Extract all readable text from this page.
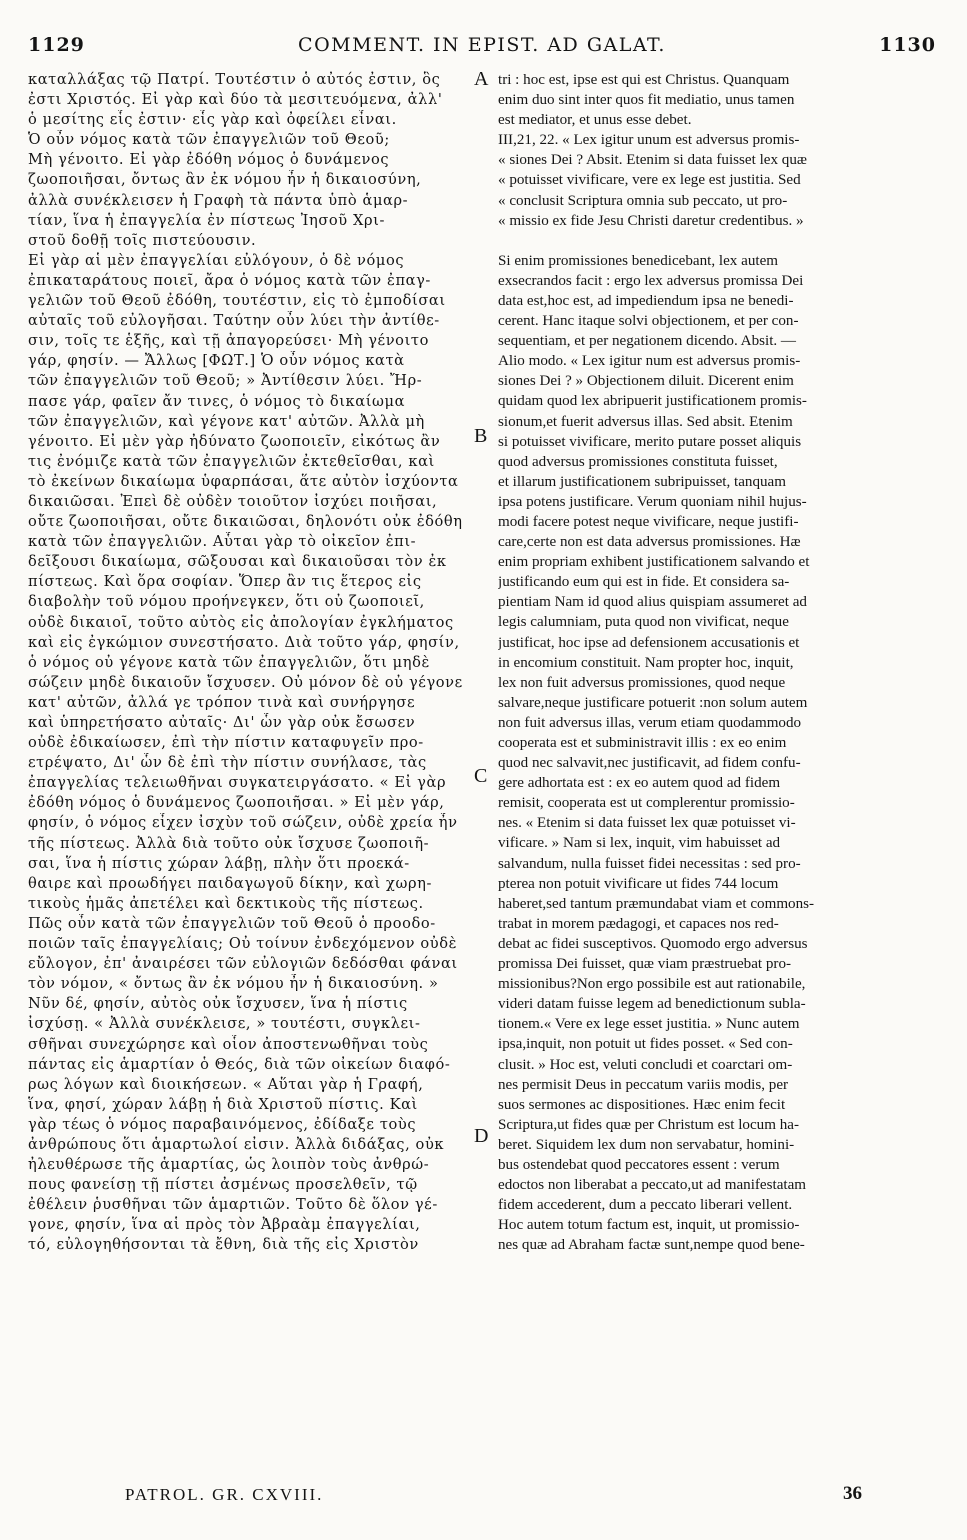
1129	COMMENT. IN EPIST. AD GALAT.	1130

καταλλάξας τῷ Πατρί. Τουτέστιν ὁ αὐτός ἐστιν, ὃς

ἐστι Χριστός. Εἰ γὰρ καὶ δύο τὰ μεσιτευόμενα, ἀλλ'

ὁ μεσίτης εἷς ἐστιν· εἷς γὰρ καὶ ὀφείλει εἶναι.

Ὁ οὖν νόμος κατὰ τῶν ἐπαγγελιῶν τοῦ Θεοῦ;

Μὴ γένοιτο. Εἰ γὰρ ἐδόθη νόμος ὁ δυνάμενος

ζωοποιῆσαι, ὄντως ἂν ἐκ νόμου ἦν ἡ δικαιοσύνη,

ἀλλὰ συνέκλεισεν ἡ Γραφὴ τὰ πάντα ὑπὸ ἁμαρ-

τίαν, ἵνα ἡ ἐπαγγελία ἐν πίστεως Ἰησοῦ Χρι-

στοῦ δοθῇ τοῖς πιστεύουσιν.

Εἰ γὰρ αἱ μὲν ἐπαγγελίαι εὐλόγουν, ὁ δὲ νόμος

ἐπικαταράτους ποιεῖ, ἄρα ὁ νόμος κατὰ τῶν ἐπαγ-

γελιῶν τοῦ Θεοῦ ἐδόθη, τουτέστιν, εἰς τὸ ἐμποδίσαι

αὐταῖς τοῦ εὐλογῆσαι. Ταύτην οὖν λύει τὴν ἀντίθε-

σιν, τοῖς τε ἑξῆς, καὶ τῇ ἀπαγορεύσει· Μὴ γένοιτο

γάρ, φησίν. — Ἄλλως [ΦΩΤ.] Ὁ οὖν νόμος κατὰ

τῶν ἐπαγγελιῶν τοῦ Θεοῦ; » Ἀντίθεσιν λύει. Ἤρ-

πασε γάρ, φαῖεν ἄν τινες, ὁ νόμος τὸ δικαίωμα

τῶν ἐπαγγελιῶν, καὶ γέγονε κατ' αὐτῶν. Ἀλλὰ μὴ

γένοιτο. Εἰ μὲν γὰρ ἠδύνατο ζωοποιεῖν, εἰκότως ἂν

τις ἐνόμιζε κατὰ τῶν ἐπαγγελιῶν ἐκτεθεῖσθαι, καὶ

τὸ ἐκείνων δικαίωμα ὑφαρπάσαι, ἅτε αὐτὸν ἰσχύοντα

δικαιῶσαι. Ἐπεὶ δὲ οὐδὲν τοιοῦτον ἰσχύει ποιῆσαι,

οὔτε ζωοποιῆσαι, οὔτε δικαιῶσαι, δηλονότι οὐκ ἐδόθη

κατὰ τῶν ἐπαγγελιῶν. Αὗται γὰρ τὸ οἰκεῖον ἐπι-

δεῖξουσι δικαίωμα, σῶξουσαι καὶ δικαιοῦσαι τὸν ἐκ

πίστεως. Καὶ ὅρα σοφίαν. Ὅπερ ἂν τις ἕτερος εἰς

διαβολὴν τοῦ νόμου προήνεγκεν, ὅτι οὐ ζωοποιεῖ,

οὐδὲ δικαιοῖ, τοῦτο αὐτὸς εἰς ἀπολογίαν ἐγκλήματος

καὶ εἰς ἐγκώμιον συνεστήσατο. Διὰ τοῦτο γάρ, φησίν,

ὁ νόμος οὐ γέγονε κατὰ τῶν ἐπαγγελιῶν, ὅτι μηδὲ

σώζειν μηδὲ δικαιοῦν ἴσχυσεν. Οὐ μόνον δὲ οὐ γέγονε

κατ' αὐτῶν, ἀλλά γε τρόπον τινὰ καὶ συνήργησε

καὶ ὑπηρετήσατο αὐταῖς· Δι' ὧν γὰρ οὐκ ἔσωσεν

οὐδὲ ἐδικαίωσεν, ἐπὶ τὴν πίστιν καταφυγεῖν προ-

ετρέψατο, Δι' ὧν δὲ ἐπὶ τὴν πίστιν συνήλασε, τὰς

ἐπαγγελίας τελειωθῆναι συγκατειργάσατο. « Εἰ γὰρ

ἐδόθη νόμος ὁ δυνάμενος ζωοποιῆσαι. » Εἰ μὲν γάρ,

φησίν, ὁ νόμος εἶχεν ἰσχὺν τοῦ σώζειν, οὐδὲ χρεία ἦν

τῆς πίστεως. Ἀλλὰ διὰ τοῦτο οὐκ ἴσχυσε ζωοποιῆ-

σαι, ἵνα ἡ πίστις χώραν λάβῃ, πλὴν ὅτι προεκά-

θαιρε καὶ προωδήγει παιδαγωγοῦ δίκην, καὶ χωρη-

τικοὺς ἡμᾶς ἀπετέλει καὶ δεκτικοὺς τῆς πίστεως.

Πῶς οὖν κατὰ τῶν ἐπαγγελιῶν τοῦ Θεοῦ ὁ προοδο-

ποιῶν ταῖς ἐπαγγελίαις; Οὐ τοίνυν ἐνδεχόμενον οὐδὲ

εὔλογον, ἐπ' ἀναιρέσει τῶν εὐλογιῶν δεδόσθαι φάναι

τὸν νόμον, « ὄντως ἂν ἐκ νόμου ἦν ἡ δικαιοσύνη. »

Νῦν δέ, φησίν, αὐτὸς οὐκ ἴσχυσεν, ἵνα ἡ πίστις

ἰσχύσῃ. « Ἀλλὰ συνέκλεισε, » τουτέστι, συγκλει-

σθῆναι συνεχώρησε καὶ οἷον ἀποστενωθῆναι τοὺς

πάντας εἰς ἁμαρτίαν ὁ Θεός, διὰ τῶν οἰκείων διαφό-

ρως λόγων καὶ διοικήσεων. « Αὕται γὰρ ἡ Γραφή,

ἵνα, φησί, χώραν λάβῃ ἡ διὰ Χριστοῦ πίστις. Καὶ

γὰρ τέως ὁ νόμος παραβαινόμενος, ἐδίδαξε τοὺς

ἀνθρώπους ὅτι ἁμαρτωλοί εἰσιν. Ἀλλὰ διδάξας, οὐκ

ἠλευθέρωσε τῆς ἁμαρτίας, ὡς λοιπὸν τοὺς ἀνθρώ-

πους φανείσῃ τῇ πίστει ἀσμένως προσελθεῖν, τῷ

ἐθέλειν ῥυσθῆναι τῶν ἁμαρτιῶν. Τοῦτο δὲ ὅλον γέ-

γονε, φησίν, ἵνα αἱ πρὸς τὸν Ἀβραὰμ ἐπαγγελίαι,

τό, εὐλογηθήσονται τὰ ἔθνη, διὰ τῆς εἰς Χριστὸν

tri : hoc est, ipse est qui est Christus. Quanquam

enim duo sint inter quos fit mediatio, unus tamen

est mediator, et unus esse debet.

III,21, 22. « Lex igitur unum est adversus promis-

« siones Dei ? Absit. Etenim si data fuisset lex quæ

« potuisset vivificare, vere ex lege est justitia. Sed

« conclusit Scriptura omnia sub peccato, ut pro-

« missio ex fide Jesu Christi daretur credentibus. »

Si enim promissiones benedicebant, lex autem

exsecrandos facit : ergo lex adversus promissa Dei

data est,hoc est, ad impediendum ipsa ne benedi-

cerent. Hanc itaque solvi objectionem, et per con-

sequentiam, et per negationem dicendo. Absit. —

Alio modo. « Lex igitur num est adversus promis-

siones Dei ? » Objectionem diluit. Dicerent enim

quidam quod lex abripuerit justificationem promis-

sionum,et fuerit adversus illas. Sed absit. Etenim

si potuisset vivificare, merito putare posset aliquis

quod adversus promissiones constituta fuisset,

et illarum justificationem subripuisset, tanquam

ipsa potens justificare. Verum quoniam nihil hujus-

modi facere potest neque vivificare, neque justifi-

care,certe non est data adversus promissiones. Hæ

enim propriam exhibent justificationem salvando et

justificando eum qui est in fide. Et considera sa-

pientiam Nam id quod alius quispiam assumeret ad

legis calumniam, puta quod non vivificat, neque

justificat, hoc ipse ad defensionem accusationis et

in encomium constituit. Nam propter hoc, inquit,

lex non fuit adversus promissiones, quod neque

salvare,neque justificare potuerit :non solum autem

non fuit adversus illas, verum etiam quodammodo

cooperata est et subministravit illis : ex eo enim

quod nec salvavit,nec justificavit, ad fidem confu-

gere adhortata est : ex eo autem quod ad fidem

remisit, cooperata est ut complerentur promissio-

nes. « Etenim si data fuisset lex quæ potuisset vi-

vificare. » Nam si lex, inquit, vim habuisset ad

salvandum, nulla fuisset fidei necessitas : sed pro-

pterea non potuit vivificare ut fides 744 locum

haberet,sed tantum præmundabat viam et commons-

trabat in morem pædagogi, et capaces nos red-

debat ac fidei susceptivos. Quomodo ergo adversus

promissa Dei fuisset, quæ viam præstruebat pro-

missionibus?Non ergo possibile est aut rationabile,

videri datam fuisse legem ad benedictionum subla-

tionem.« Vere ex lege esset justitia. » Nunc autem

ipsa,inquit, non potuit ut fides posset. « Sed con-

clusit. » Hoc est, veluti concludi et coarctari om-

nes permisit Deus in peccatum variis modis, per

suos sermones ac dispositiones. Hæc enim fecit

Scriptura,ut fides quæ per Christum est locum ha-

beret. Siquidem lex dum non servabatur, homini-

bus ostendebat quod peccatores essent : verum

edoctos non liberabat a peccato,ut ad manifestatam

fidem accederent, dum a peccato liberari vellent.

Hoc autem totum factum est, inquit, ut promissio-

nes quæ ad Abraham factæ sunt,nempe quod bene-

A
B
C
D
PATROL. GR. CXVIII.	36
